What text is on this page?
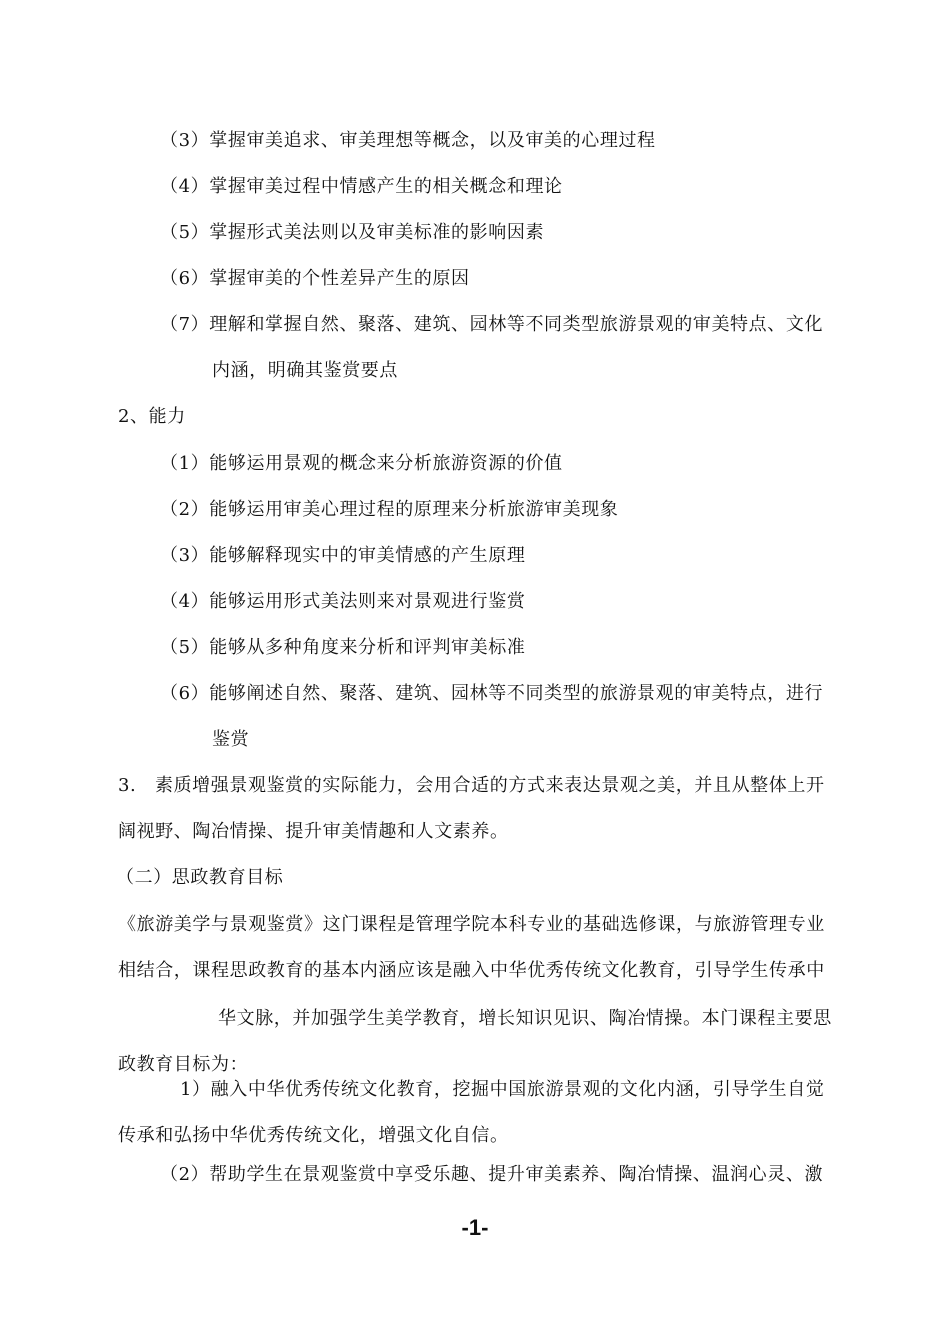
（3）掌握审美追求、审美理想等概念，以及审美的心理过程
（4）掌握审美过程中情感产生的相关概念和理论
（5）掌握形式美法则以及审美标准的影响因素
（6）掌握审美的个性差异产生的原因
（7）理解和掌握自然、聚落、建筑、园林等不同类型旅游景观的审美特点、文化
内涵，明确其鉴赏要点
2、能力
（1）能够运用景观的概念来分析旅游资源的价值
（2）能够运用审美心理过程的原理来分析旅游审美现象
（3）能够解释现实中的审美情感的产生原理
（4）能够运用形式美法则来对景观进行鉴赏
（5）能够从多种角度来分析和评判审美标准
（6）能够阐述自然、聚落、建筑、园林等不同类型的旅游景观的审美特点，进行
鉴赏
3.　素质增强景观鉴赏的实际能力，会用合适的方式来表达景观之美，并且从整体上开
阔视野、陶冶情操、提升审美情趣和人文素养。
（二）思政教育目标
《旅游美学与景观鉴赏》这门课程是管理学院本科专业的基础选修课，与旅游管理专业
相结合，课程思政教育的基本内涵应该是融入中华优秀传统文化教育，引导学生传承中
华文脉，并加强学生美学教育，增长知识见识、陶冶情操。本门课程主要思
政教育目标为：
1）融入中华优秀传统文化教育，挖掘中国旅游景观的文化内涵，引导学生自觉
传承和弘扬中华优秀传统文化，增强文化自信。
（2）帮助学生在景观鉴赏中享受乐趣、提升审美素养、陶冶情操、温润心灵、激
-1-
